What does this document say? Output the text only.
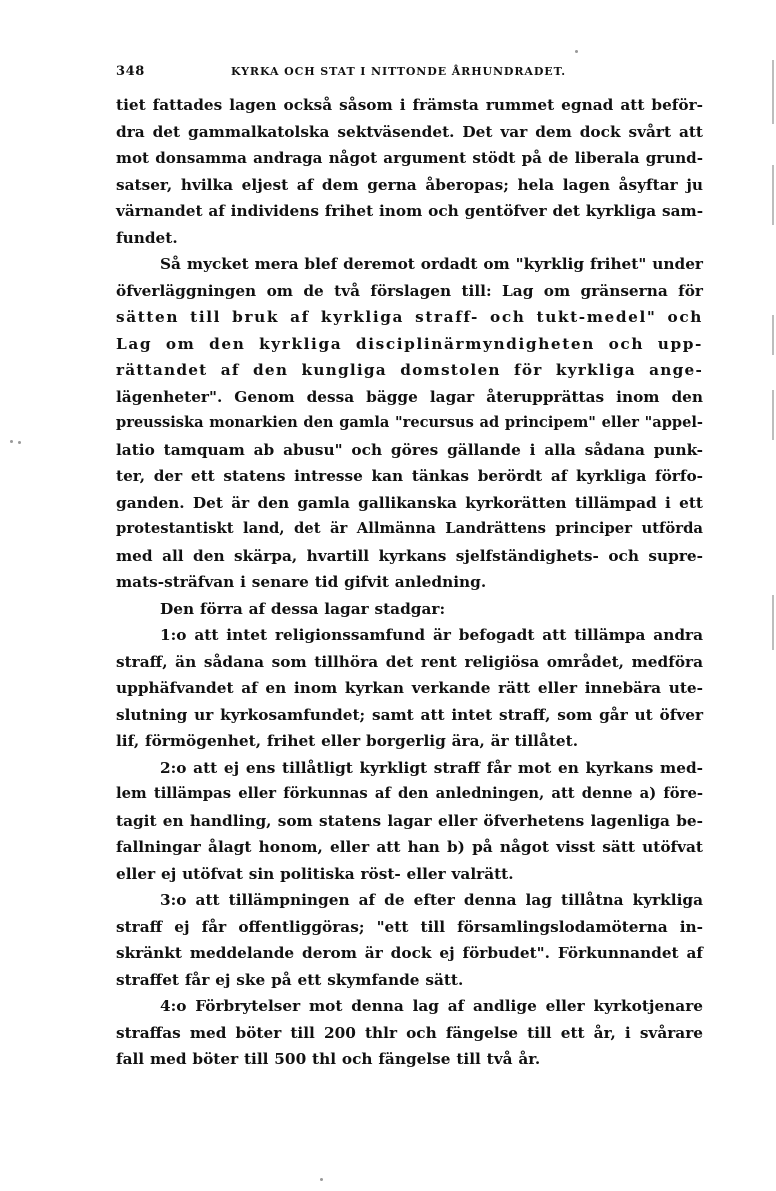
348	KYRKA OCH STAT I NITTONDE ÅRHUNDRADET.
tiet fattades lagen också såsom i främsta rummet egnad att beför-
dra det gammalkatolska sektväsendet. Det var dem dock svårt att
mot donsamma andraga något argument stödt på de liberala grund-
satser, hvilka eljest af dem gerna åberopas; hela lagen åsyftar ju
värnandet af individens frihet inom och gentöfver det kyrkliga sam-
fundet.
Så mycket mera blef deremot ordadt om "kyrklig frihet" under
öfverläggningen om de två förslagen till: Lag om gränserna för
sätten till bruk af kyrkliga straff- och tukt-medel" och
Lag om den kyrkliga disciplinärmyndigheten och upp-
rättandet af den kungliga domstolen för kyrkliga ange-
lägenheter". Genom dessa bägge lagar återupprättas inom den
preussiska monarkien den gamla "recursus ad principem" eller "appel-
latio tamquam ab abusu" och göres gällande i alla sådana punk-
ter, der ett statens intresse kan tänkas berördt af kyrkliga förfo-
ganden. Det är den gamla gallikanska kyrkorätten tillämpad i ett
protestantiskt land, det är Allmänna Landrättens principer utförda
med all den skärpa, hvartill kyrkans sjelfständighets- och supre-
mats-sträfvan i senare tid gifvit anledning.
Den förra af dessa lagar stadgar:
1:o att intet religionssamfund är befogadt att tillämpa andra
straff, än sådana som tillhöra det rent religiösa området, medföra
upphäfvandet af en inom kyrkan verkande rätt eller innebära ute-
slutning ur kyrkosamfundet; samt att intet straff, som går ut öfver
lif, förmögenhet, frihet eller borgerlig ära, är tillåtet.
2:o att ej ens tillåtligt kyrkligt straff får mot en kyrkans med-
lem tillämpas eller förkunnas af den anledningen, att denne a) före-
tagit en handling, som statens lagar eller öfverhetens lagenliga be-
fallningar ålagt honom, eller att han b) på något visst sätt utöfvat
eller ej utöfvat sin politiska röst- eller valrätt.
3:o att tillämpningen af de efter denna lag tillåtna kyrkliga
straff ej får offentliggöras; "ett till församlingslodamöterna in-
skränkt meddelande derom är dock ej förbudet". Förkunnandet af
straffet får ej ske på ett skymfande sätt.
4:o Förbrytelser mot denna lag af andlige eller kyrkotjenare
straffas med böter till 200 thlr och fängelse till ett år, i svårare
fall med böter till 500 thl och fängelse till två år.
